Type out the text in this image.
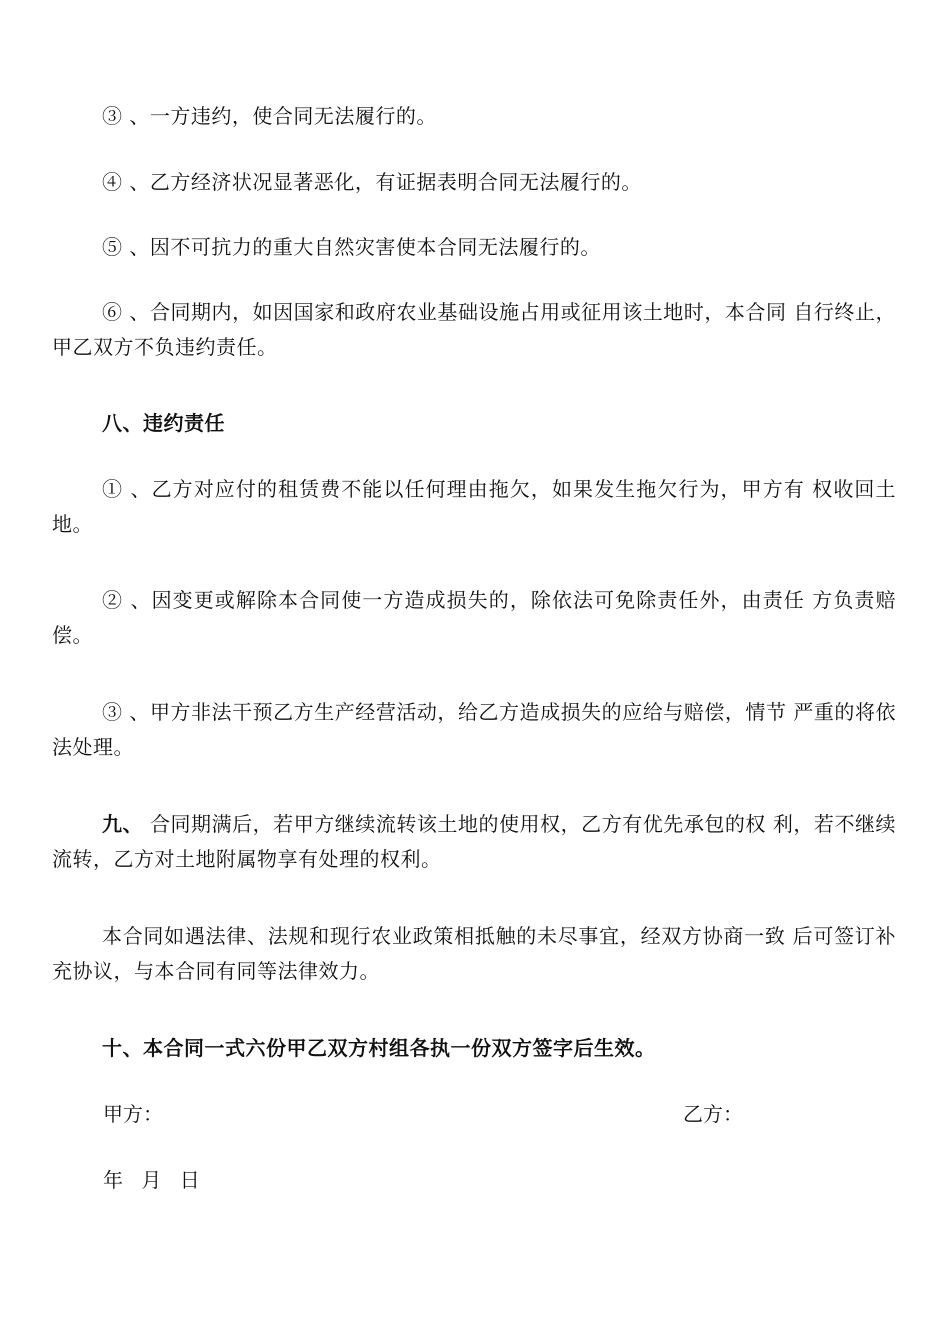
③ 、一方违约，使合同无法履行的。
④ 、乙方经济状况显著恶化，有证据表明合同无法履行的。
⑤ 、因不可抗力的重大自然灾害使本合同无法履行的。
⑥ 、合同期内，如因国家和政府农业基础设施占用或征用该土地时，本合同 自行终止，甲乙双方不负违约责任。
八、违约责任
① 、乙方对应付的租赁费不能以任何理由拖欠，如果发生拖欠行为，甲方有 权收回土地。
② 、因变更或解除本合同使一方造成损失的，除依法可免除责任外，由责任 方负责赔偿。
③ 、甲方非法干预乙方生产经营活动，给乙方造成损失的应给与赔偿，情节 严重的将依法处理。
九、 合同期满后，若甲方继续流转该土地的使用权，乙方有优先承包的权 利，若不继续流转，乙方对土地附属物享有处理的权利。
本合同如遇法律、法规和现行农业政策相抵触的未尽事宜，经双方协商一致 后可签订补充协议，与本合同有同等法律效力。
十、本合同一式六份甲乙双方村组各执一份双方签字后生效。
甲方：	乙方：
年 月 日
